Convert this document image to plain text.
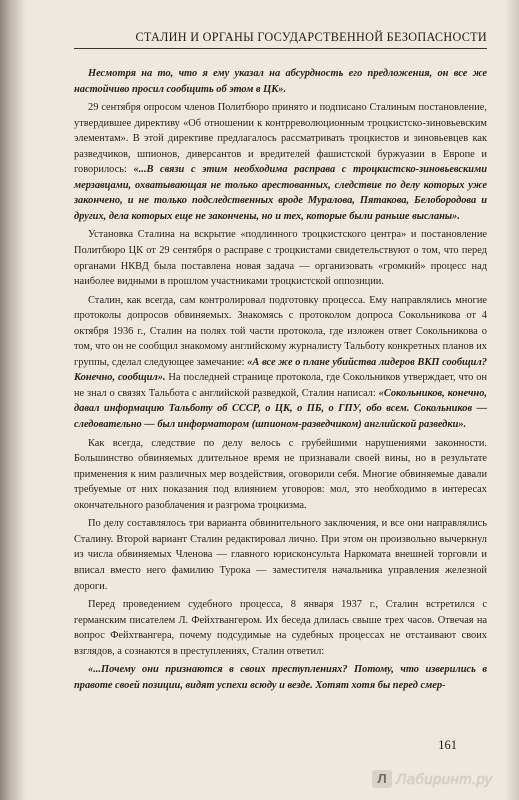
СТАЛИН И ОРГАНЫ ГОСУДАРСТВЕННОЙ БЕЗОПАСНОСТИ

Несмотря на то, что я ему указал на абсурдность его предложения, он все же настойчиво просил сообщить об этом в ЦК».

29 сентября опросом членов Политбюро принято и подписано Сталиным постановление, утвердившее директиву «Об отношении к контрреволюционным троцкистско-зиновьевским элементам». В этой директиве предлагалось рассматривать троцкистов и зиновьевцев как разведчиков, шпионов, диверсантов и вредителей фашистской буржуазии в Европе и говорилось: «...В связи с этим необходима расправа с троцкистско-зиновьевскими мерзавцами, охватывающая не только арестованных, следствие по делу которых уже закончено, и не только подследственных вроде Муралова, Пятакова, Белобородова и других, дела которых еще не закончены, но и тех, которые были раньше высланы».

Установка Сталина на вскрытие «подлинного троцкистского центра» и постановление Политбюро ЦК от 29 сентября о расправе с троцкистами свидетельствуют о том, что перед органами НКВД была поставлена новая задача — организовать «громкий» процесс над наиболее видными в прошлом участниками троцкистской оппозиции.

Сталин, как всегда, сам контролировал подготовку процесса. Ему направлялись многие протоколы допросов обвиняемых. Знакомясь с протоколом допроса Сокольникова от 4 октября 1936 г., Сталин на полях той части протокола, где изложен ответ Сокольникова о том, что он не сообщил знакомому английскому журналисту Тальботу конкретных планов их группы, сделал следующее замечание: «А все же о плане убийства лидеров ВКП сообщил? Конечно, сообщил». На последней странице протокола, где Сокольников утверждает, что он не знал о связях Тальбота с английской разведкой, Сталин написал: «Сокольников, конечно, давал информацию Тальботу об СССР, о ЦК, о ПБ, о ГПУ, обо всем. Сокольников — следовательно — был информатором (шпионом-разведчиком) английской разведки».

Как всегда, следствие по делу велось с грубейшими нарушениями законности. Большинство обвиняемых длительное время не признавали своей вины, но в результате применения к ним различных мер воздействия, оговорили себя. Многие обвиняемые давали требуемые от них показания под влиянием уговоров: мол, это необходимо в интересах окончательного разоблачения и разгрома троцкизма.

По делу составлялось три варианта обвинительного заключения, и все они направлялись Сталину. Второй вариант Сталин редактировал лично. При этом он произвольно вычеркнул из числа обвиняемых Членова — главного юрисконсульта Наркомата внешней торговли и вписал вместо него фамилию Турока — заместителя начальника управления железной дороги.

Перед проведением судебного процесса, 8 января 1937 г., Сталин встретился с германским писателем Л. Фейхтвангером. Их беседа длилась свыше трех часов. Отвечая на вопрос Фейхтвангера, почему подсудимые на судебных процессах не отстаивают своих взглядов, а сознаются в преступлениях, Сталин ответил:

«...Почему они признаются в своих преступлениях? Потому, что изверились в правоте своей позиции, видят успехи всюду и везде. Хотят хотя бы перед смер-

161
Л Лабиринт.ру
